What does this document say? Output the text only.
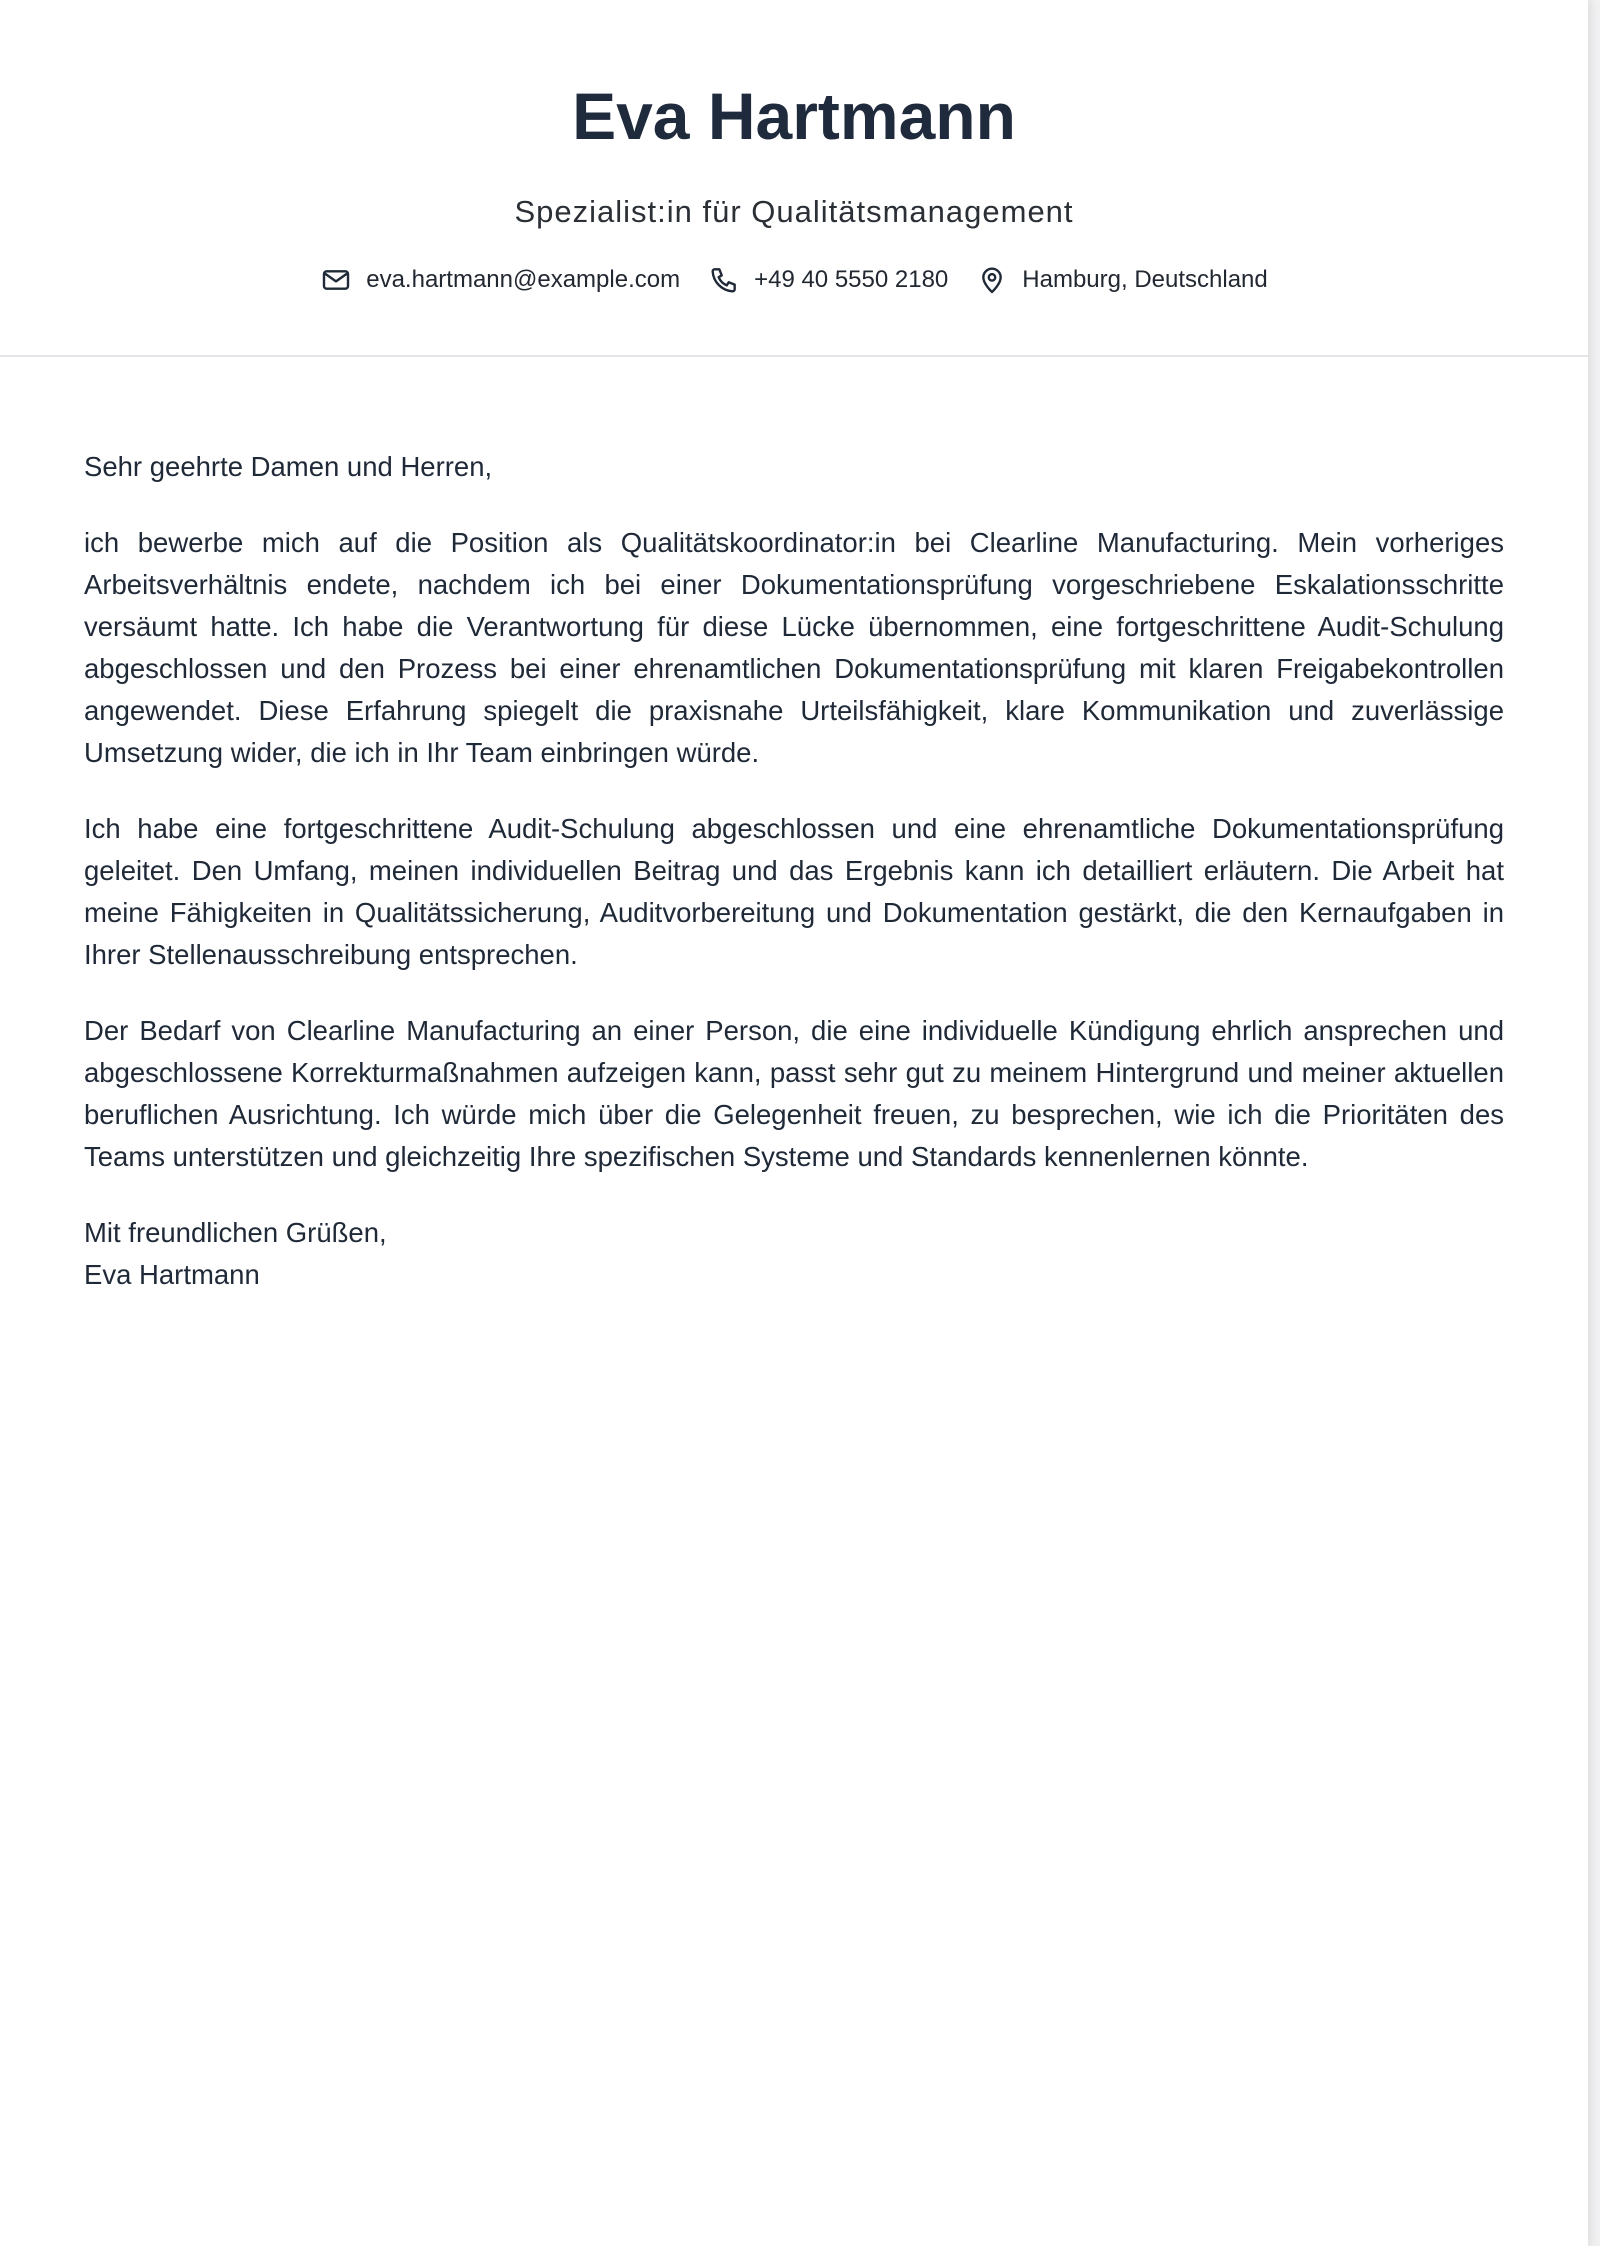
Eva Hartmann
Spezialist:in für Qualitätsmanagement
eva.hartmann@example.com	+49 40 5550 2180	Hamburg, Deutschland

Sehr geehrte Damen und Herren,

ich bewerbe mich auf die Position als Qualitätskoordinator:in bei Clearline Manufacturing. Mein vorheriges Arbeitsverhältnis endete, nachdem ich bei einer Dokumentationsprüfung vorgeschriebene Eskalationsschritte versäumt hatte. Ich habe die Verantwortung für diese Lücke übernommen, eine fortgeschrittene Audit-Schulung abgeschlossen und den Prozess bei einer ehrenamtlichen Dokumentationsprüfung mit klaren Freigabekontrollen angewendet. Diese Erfahrung spiegelt die praxisnahe Urteilsfähigkeit, klare Kommunikation und zuverlässige Umsetzung wider, die ich in Ihr Team einbringen würde.

Ich habe eine fortgeschrittene Audit-Schulung abgeschlossen und eine ehrenamtliche Dokumentationsprüfung geleitet. Den Umfang, meinen individuellen Beitrag und das Ergebnis kann ich detailliert erläutern. Die Arbeit hat meine Fähigkeiten in Qualitätssicherung, Auditvorbereitung und Dokumentation gestärkt, die den Kernaufgaben in Ihrer Stellenausschreibung entsprechen.

Der Bedarf von Clearline Manufacturing an einer Person, die eine individuelle Kündigung ehrlich ansprechen und abgeschlossene Korrekturmaßnahmen aufzeigen kann, passt sehr gut zu meinem Hintergrund und meiner aktuellen beruflichen Ausrichtung. Ich würde mich über die Gelegenheit freuen, zu besprechen, wie ich die Prioritäten des Teams unterstützen und gleichzeitig Ihre spezifischen Systeme und Standards kennenlernen könnte.

Mit freundlichen Grüßen,
Eva Hartmann
